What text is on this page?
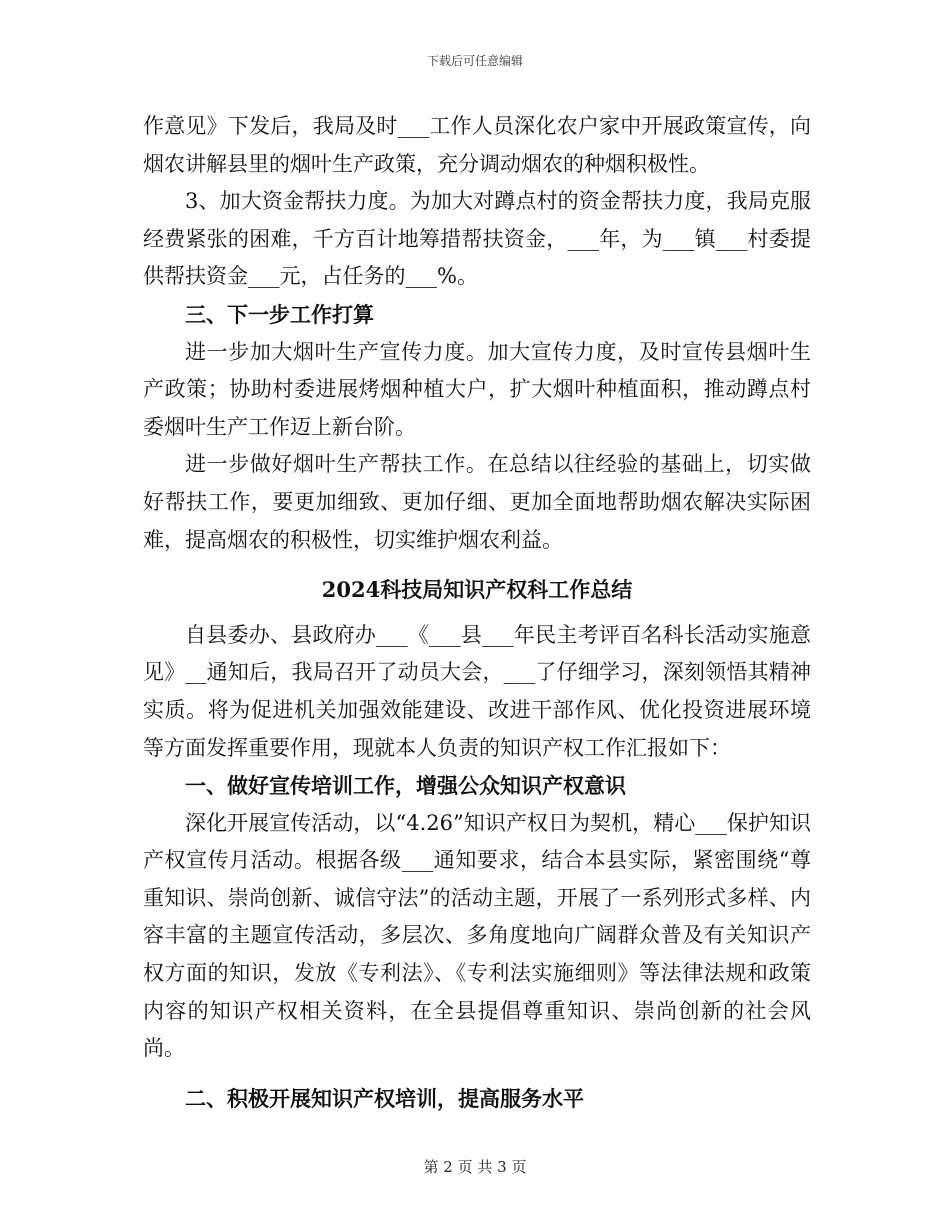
下载后可任意编辑

作意见》下发后，我局及时___工作人员深化农户家中开展政策宣传，向烟农讲解县里的烟叶生产政策，充分调动烟农的种烟积极性。

3、加大资金帮扶力度。为加大对蹲点村的资金帮扶力度，我局克服经费紧张的困难，千方百计地筹措帮扶资金，___年，为___镇___村委提供帮扶资金___元，占任务的___%。

三、下一步工作打算

进一步加大烟叶生产宣传力度。加大宣传力度，及时宣传县烟叶生产政策；协助村委进展烤烟种植大户，扩大烟叶种植面积，推动蹲点村委烟叶生产工作迈上新台阶。

进一步做好烟叶生产帮扶工作。在总结以往经验的基础上，切实做好帮扶工作，要更加细致、更加仔细、更加全面地帮助烟农解决实际困难，提高烟农的积极性，切实维护烟农利益。

2024科技局知识产权科工作总结

自县委办、县政府办___《___县___年民主考评百名科长活动实施意见》__通知后，我局召开了动员大会，___了仔细学习，深刻领悟其精神实质。将为促进机关加强效能建设、改进干部作风、优化投资进展环境等方面发挥重要作用，现就本人负责的知识产权工作汇报如下：

一、做好宣传培训工作，增强公众知识产权意识

深化开展宣传活动，以“4.26”知识产权日为契机，精心___保护知识产权宣传月活动。根据各级___通知要求，结合本县实际，紧密围绕“尊重知识、崇尚创新、诚信守法”的活动主题，开展了一系列形式多样、内容丰富的主题宣传活动，多层次、多角度地向广阔群众普及有关知识产权方面的知识，发放《专利法》、《专利法实施细则》等法律法规和政策内容的知识产权相关资料，在全县提倡尊重知识、崇尚创新的社会风尚。

二、积极开展知识产权培训，提高服务水平

第 2 页 共 3 页
